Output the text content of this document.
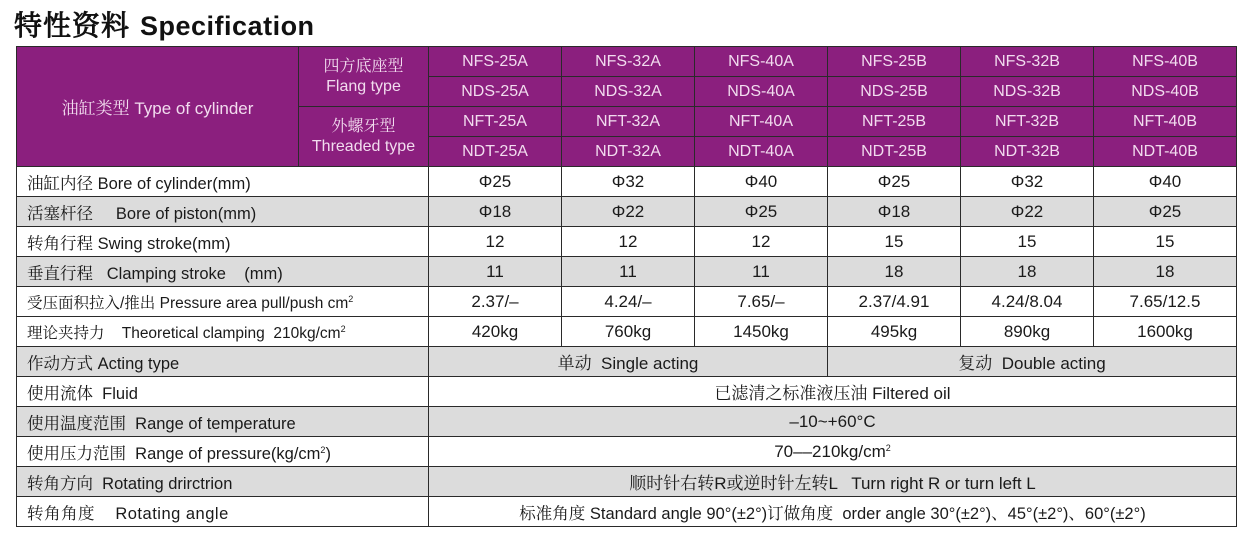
特性资料 Specification
油缸类型 Type of cylinder	四方底座型
Flang type	NFS-25A	NFS-32A	NFS-40A	NFS-25B	NFS-32B	NFS-40B
		NDS-25A	NDS-32A	NDS-40A	NDS-25B	NDS-32B	NDS-40B

	外螺牙型
Threaded type	NFT-25A	NFT-32A	NFT-40A	NFT-25B	NFT-32B	NFT-40B
		NDT-25A	NDT-32A	NDT-40A	NDT-25B	NDT-32B	NDT-40B
油缸内径 Bore of cylinder(mm)		Φ25	Φ32	Φ40	Φ25	Φ32	Φ40
活塞杆径     Bore of piston(mm)		Φ18	Φ22	Φ25	Φ18	Φ22	Φ25
转角行程 Swing stroke(mm)		12	12	12	15	15	15
垂直行程   Clamping stroke    (mm)		11	11	11	18	18	18
受压面积拉入/推出 Pressure area pull/push $cm^2$		2.37/–	4.24/–	7.65/–	2.37/4.91	4.24/8.04	7.65/12.5
理论夹持力    Theoretical clamping  $210kg/cm^2$		420kg	760kg	1450kg	495kg	890kg	1600kg
作动方式 Acting type		单动  Single acting			复动  Double acting		
使用流体  Fluid		已滤清之标准液压油 Filtered oil					
使用温度范围  Range of temperature		–10~+60°C					
使用压力范围  Range of $pressure(kg/cm^2)$		$70--210kg/cm^2$
转角方向  Rotating drirctrion		顺时针右转R或逆时针左转L   Turn right R or turn left L					
转角角度    Rotating angle		标准角度 Standard angle 90°(±2°)订做角度  order angle 30°(±2°)、45°(±2°)、60°(±2°)					
